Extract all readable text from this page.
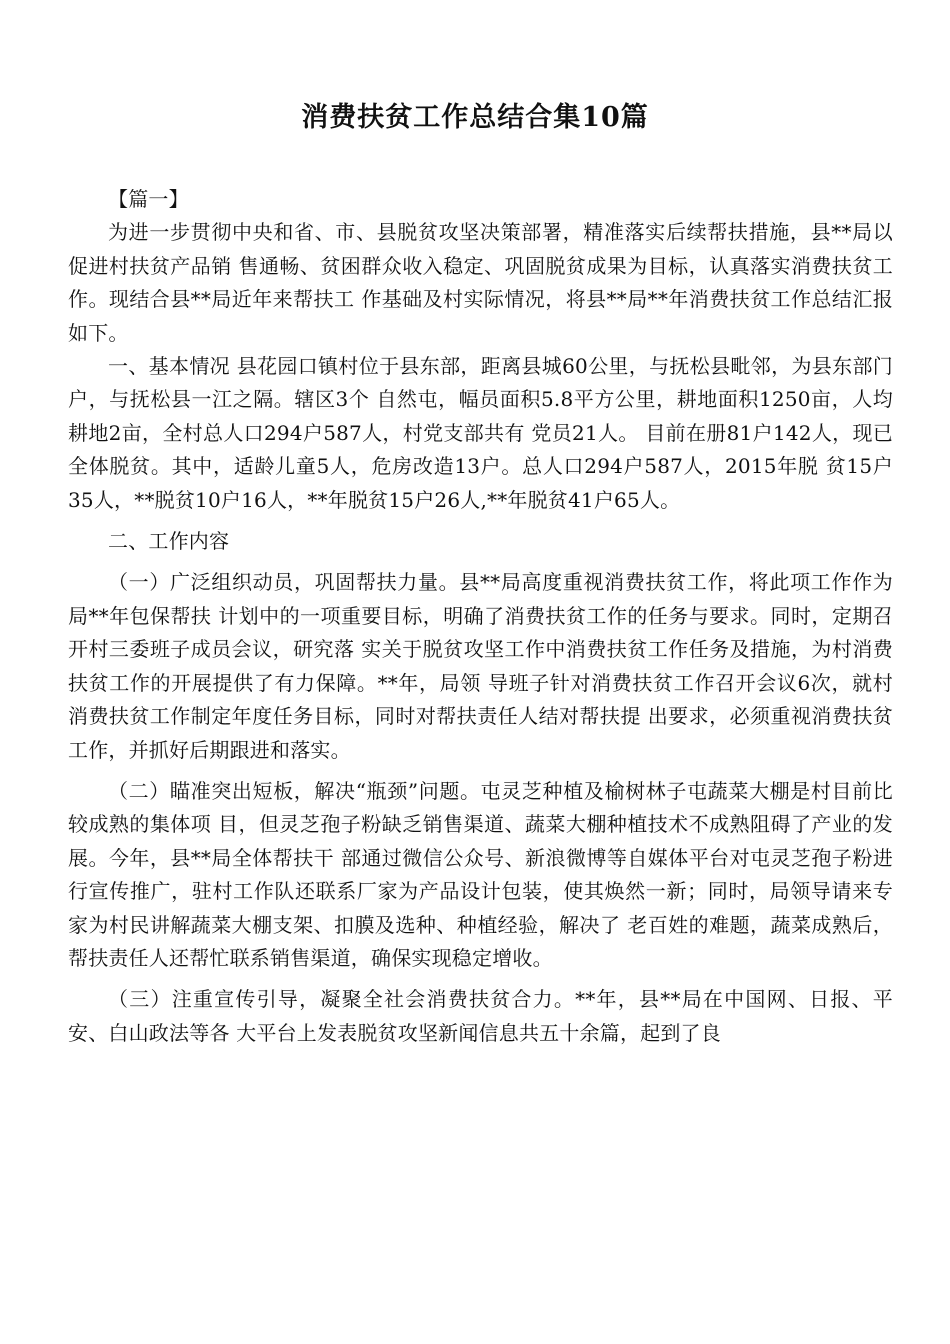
消费扶贫工作总结合集10篇

【篇一】

为进一步贯彻中央和省、市、县脱贫攻坚决策部署，精准落实后续帮扶措施，县**局以促进村扶贫产品销 售通畅、贫困群众收入稳定、巩固脱贫成果为目标，认真落实消费扶贫工作。现结合县**局近年来帮扶工 作基础及村实际情况，将县**局**年消费扶贫工作总结汇报如下。

一、基本情况 县花园口镇村位于县东部，距离县城60公里，与抚松县毗邻，为县东部门户，与抚松县一江之隔。辖区3个 自然屯，幅员面积5.8平方公里，耕地面积1250亩，人均耕地2亩，全村总人口294户587人，村党支部共有 党员21人。 目前在册81户142人，现已全体脱贫。其中，适龄儿童5人，危房改造13户。总人口294户587人，2015年脱 贫15户35人，**脱贫10户16人，**年脱贫15户26人,**年脱贫41户65人。

二、工作内容

（一）广泛组织动员，巩固帮扶力量。县**局高度重视消费扶贫工作，将此项工作作为局**年包保帮扶 计划中的一项重要目标，明确了消费扶贫工作的任务与要求。同时，定期召开村三委班子成员会议，研究落 实关于脱贫攻坚工作中消费扶贫工作任务及措施，为村消费扶贫工作的开展提供了有力保障。**年，局领 导班子针对消费扶贫工作召开会议6次，就村消费扶贫工作制定年度任务目标，同时对帮扶责任人结对帮扶提 出要求，必须重视消费扶贫工作，并抓好后期跟进和落实。

（二）瞄准突出短板，解决“瓶颈”问题。屯灵芝种植及榆树林子屯蔬菜大棚是村目前比较成熟的集体项 目，但灵芝孢子粉缺乏销售渠道、蔬菜大棚种植技术不成熟阻碍了产业的发展。今年，县**局全体帮扶干 部通过微信公众号、新浪微博等自媒体平台对屯灵芝孢子粉进行宣传推广，驻村工作队还联系厂家为产品设计包装，使其焕然一新；同时，局领导请来专家为村民讲解蔬菜大棚支架、扣膜及选种、种植经验，解决了 老百姓的难题，蔬菜成熟后，帮扶责任人还帮忙联系销售渠道，确保实现稳定增收。

（三）注重宣传引导，凝聚全社会消费扶贫合力。**年，县**局在中国网、日报、平安、白山政法等各 大平台上发表脱贫攻坚新闻信息共五十余篇，起到了良
